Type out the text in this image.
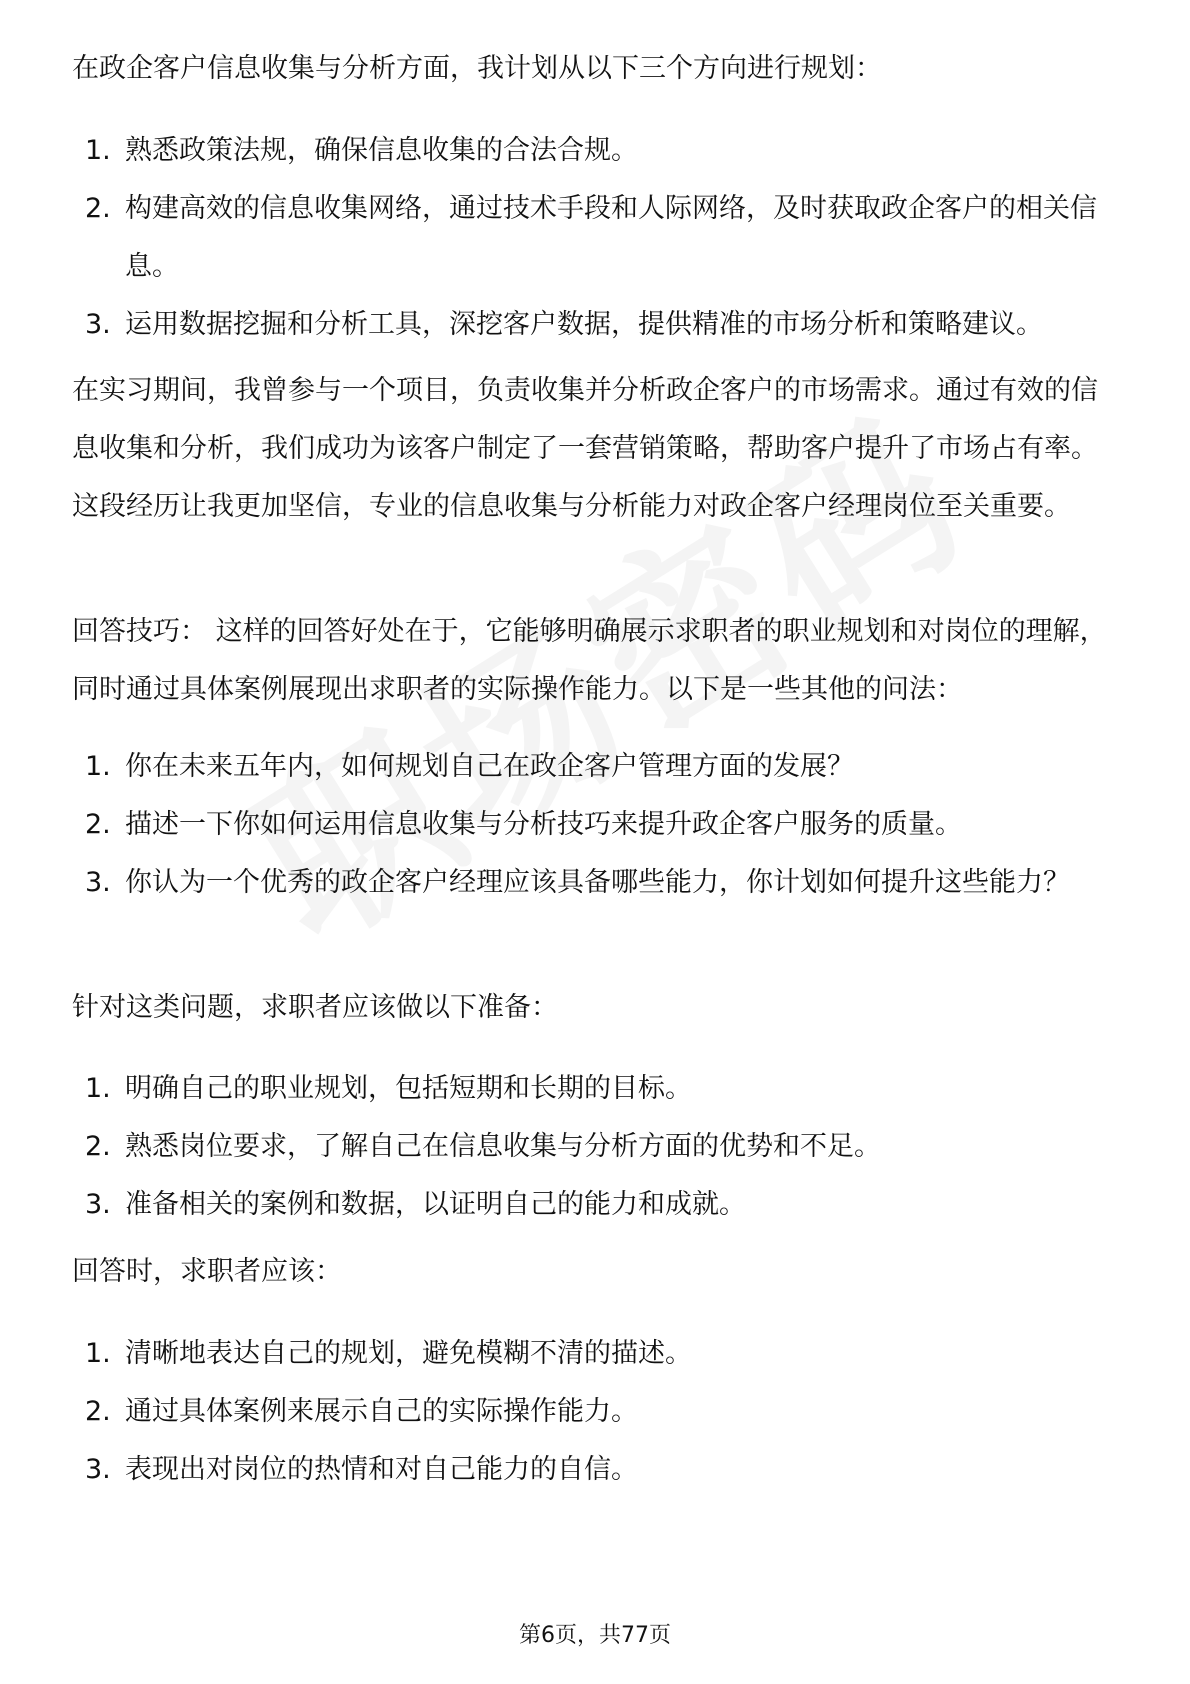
在政企客户信息收集与分析方面，我计划从以下三个方向进行规划：

1. 熟悉政策法规，确保信息收集的合法合规。
2. 构建高效的信息收集网络，通过技术手段和人际网络，及时获取政企客户的相关信息。
3. 运用数据挖掘和分析工具，深挖客户数据，提供精准的市场分析和策略建议。

在实习期间，我曾参与一个项目，负责收集并分析政企客户的市场需求。通过有效的信息收集和分析，我们成功为该客户制定了一套营销策略，帮助客户提升了市场占有率。这段经历让我更加坚信，专业的信息收集与分析能力对政企客户经理岗位至关重要。

回答技巧： 这样的回答好处在于，它能够明确展示求职者的职业规划和对岗位的理解，同时通过具体案例展现出求职者的实际操作能力。以下是一些其他的问法：

1. 你在未来五年内，如何规划自己在政企客户管理方面的发展？
2. 描述一下你如何运用信息收集与分析技巧来提升政企客户服务的质量。
3. 你认为一个优秀的政企客户经理应该具备哪些能力，你计划如何提升这些能力？

针对这类问题，求职者应该做以下准备：

1. 明确自己的职业规划，包括短期和长期的目标。
2. 熟悉岗位要求，了解自己在信息收集与分析方面的优势和不足。
3. 准备相关的案例和数据，以证明自己的能力和成就。

回答时，求职者应该：

1. 清晰地表达自己的规划，避免模糊不清的描述。
2. 通过具体案例来展示自己的实际操作能力。
3. 表现出对岗位的热情和对自己能力的自信。
第6页，共77页
